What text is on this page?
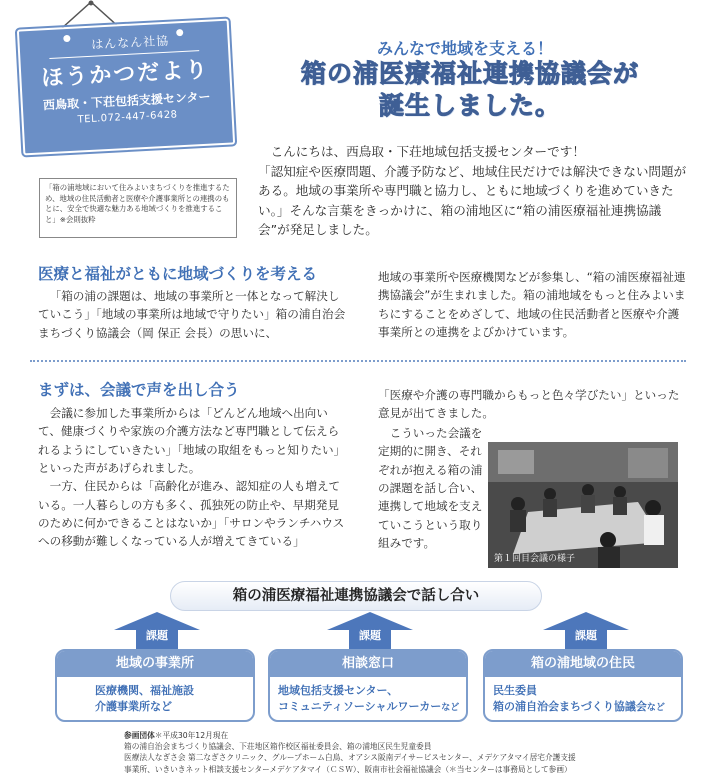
はんなん社協
ほうかつだより
西鳥取・下荘包括支援センター
TEL.072-447-6428
「箱の浦地域において住みよいまちづくりを推進するため、地域の住民活動者と医療や介護事業所との連携のもとに、安全で快適な魅力ある地域づくりを推進すること」※会則抜粋
みんなで地域を支える！
箱の浦医療福祉連携協議会が
誕生しました。

こんにちは、西鳥取・下荘地域包括支援センターです！

「認知症や医療問題、介護予防など、地域住民だけでは解決できない問題がある。地域の事業所や専門職と協力し、ともに地域づくりを進めていきたい。」そんな言葉をきっかけに、箱の浦地区に“箱の浦医療福祉連携協議会”が発足しました。

医療と福祉がともに地域づくりを考える

「箱の浦の課題は、地域の事業所と一体となって解決していこう」「地域の事業所は地域で守りたい」箱の浦自治会まちづくり協議会（岡 保正 会長）の思いに、

地域の事業所や医療機関などが参集し、“箱の浦医療福祉連携協議会”が生まれました。箱の浦地域をもっと住みよいまちにすることをめざして、地域の住民活動者と医療や介護事業所との連携をよびかけています。

まずは、会議で声を出し合う

会議に参加した事業所からは「どんどん地域へ出向いて、健康づくりや家族の介護方法など専門職として伝えられるようにしていきたい」「地域の取組をもっと知りたい」といった声があげられました。

一方、住民からは「高齢化が進み、認知症の人も増えている。一人暮らしの方も多く、孤独死の防止や、早期発見のために何かできることはないか」「サロンやランチハウスへの移動が難しくなっている人が増えてきている」

「医療や介護の専門職からもっと色々学びたい」といった意見が出てきました。

こういった会議を定期的に開き、それぞれが抱える箱の浦の課題を話し合い、連携して地域を支えていこうという取り組みです。

第１回目会議の様子
箱の浦医療福祉連携協議会で話し合い
課題	課題	課題
地域の事業所
医療機関、福祉施設
介護事業所など
相談窓口
地域包括支援センター、
コミュニティソーシャルワーカーなど
箱の浦地域の住民
民生委員
箱の浦自治会まちづくり協議会など
参画団体＊平成30年12月現在
箱の浦自治会まちづくり協議会、下荘地区箱作校区福祉委員会、箱の浦地区民生児童委員
医療法人なぎさ会 第二なぎさクリニック、グループホーム白鳥、オアシス阪南デイサービスセンター、メデケアタマイ居宅介護支援
事業所、いきいきネット相談支援センターメデケアタマイ（ＣＳＷ）、阪南市社会福祉協議会（＊当センターは事務局として参画）
